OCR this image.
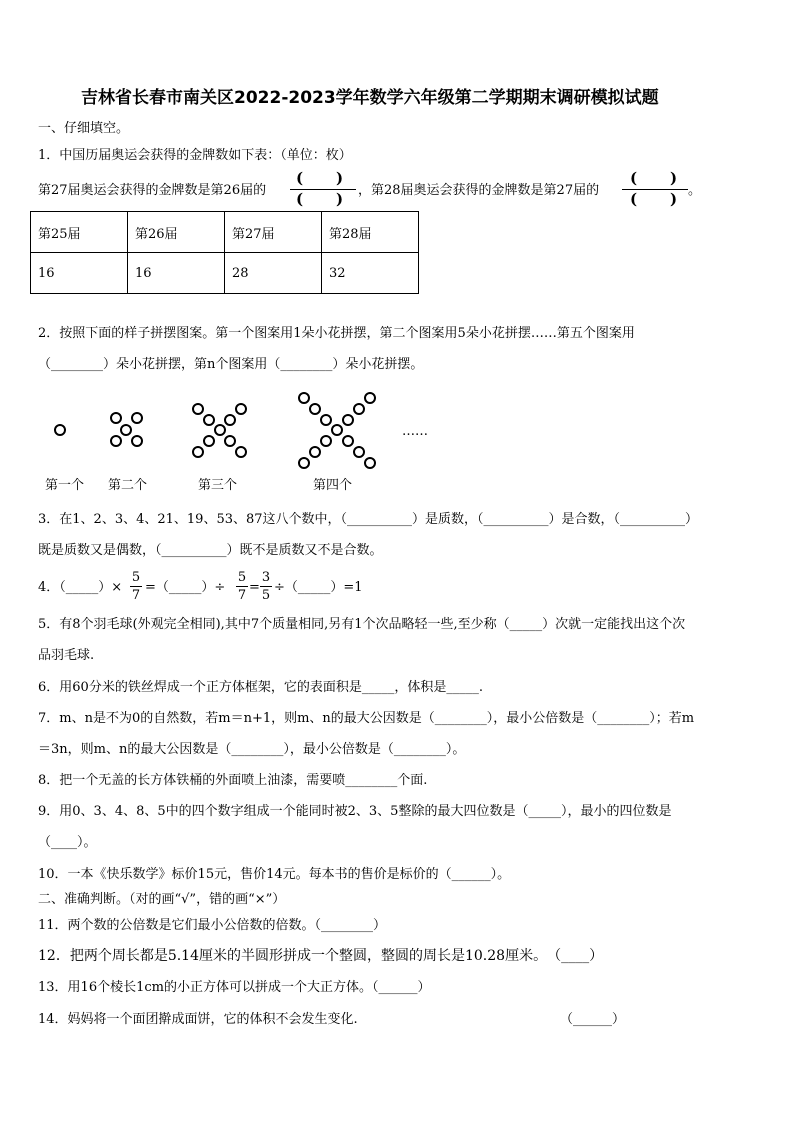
吉林省长春市南关区2022-2023学年数学六年级第二学期期末调研模拟试题
一、仔细填空。
1．中国历届奥运会获得的金牌数如下表：（单位：枚）
第27届奥运会获得的金牌数是第26届的
( )
( ) ，第28届奥运会获得的金牌数是第27届的
( )
( ) 。
第25届	第26届	第27届	第28届
16	16	28	32
2．按照下面的样子拼摆图案。第一个图案用1朵小花拼摆，第二个图案用5朵小花拼摆……第五个图案用
（________）朵小花拼摆，第n个图案用（________）朵小花拼摆。
……
第一个 第二个	第三个	第四个
3．在1、2、3、4、21、19、53、87这八个数中，（__________）是质数，（__________）是合数，（__________）
既是质数又是偶数，（__________）既不是质数又不是合数。
4．（_____）×
5
7
=（_____）÷
5
7
=
3
5
÷（_____）=1
5．有8个羽毛球(外观完全相同),其中7个质量相同,另有1个次品略轻一些,至少称（_____）次就一定能找出这个次
品羽毛球.
6．用60分米的铁丝焊成一个正方体框架，它的表面积是_____，体积是_____.
7．m、n是不为0的自然数，若m＝n+1，则m、n的最大公因数是（________），最小公倍数是（________）；若m
＝3n，则m、n的最大公因数是（________），最小公倍数是（________）。
8．把一个无盖的长方体铁桶的外面喷上油漆，需要喷________个面.
9．用0、3、4、8、5中的四个数字组成一个能同时被2、3、5整除的最大四位数是（_____），最小的四位数是
（____）。
10．一本《快乐数学》标价15元，售价14元。每本书的售价是标价的（______）。
二、准确判断。（对的画“√”，错的画“×”）
11．两个数的公倍数是它们最小公倍数的倍数。（________）
12．把两个周长都是5.14厘米的半圆形拼成一个整圆，整圆的周长是10.28厘米。　（____）
13．用16个棱长1cm的小正方体可以拼成一个大正方体。（______）
14．妈妈将一个面团擀成面饼，它的体积不会发生变化.	（______）
